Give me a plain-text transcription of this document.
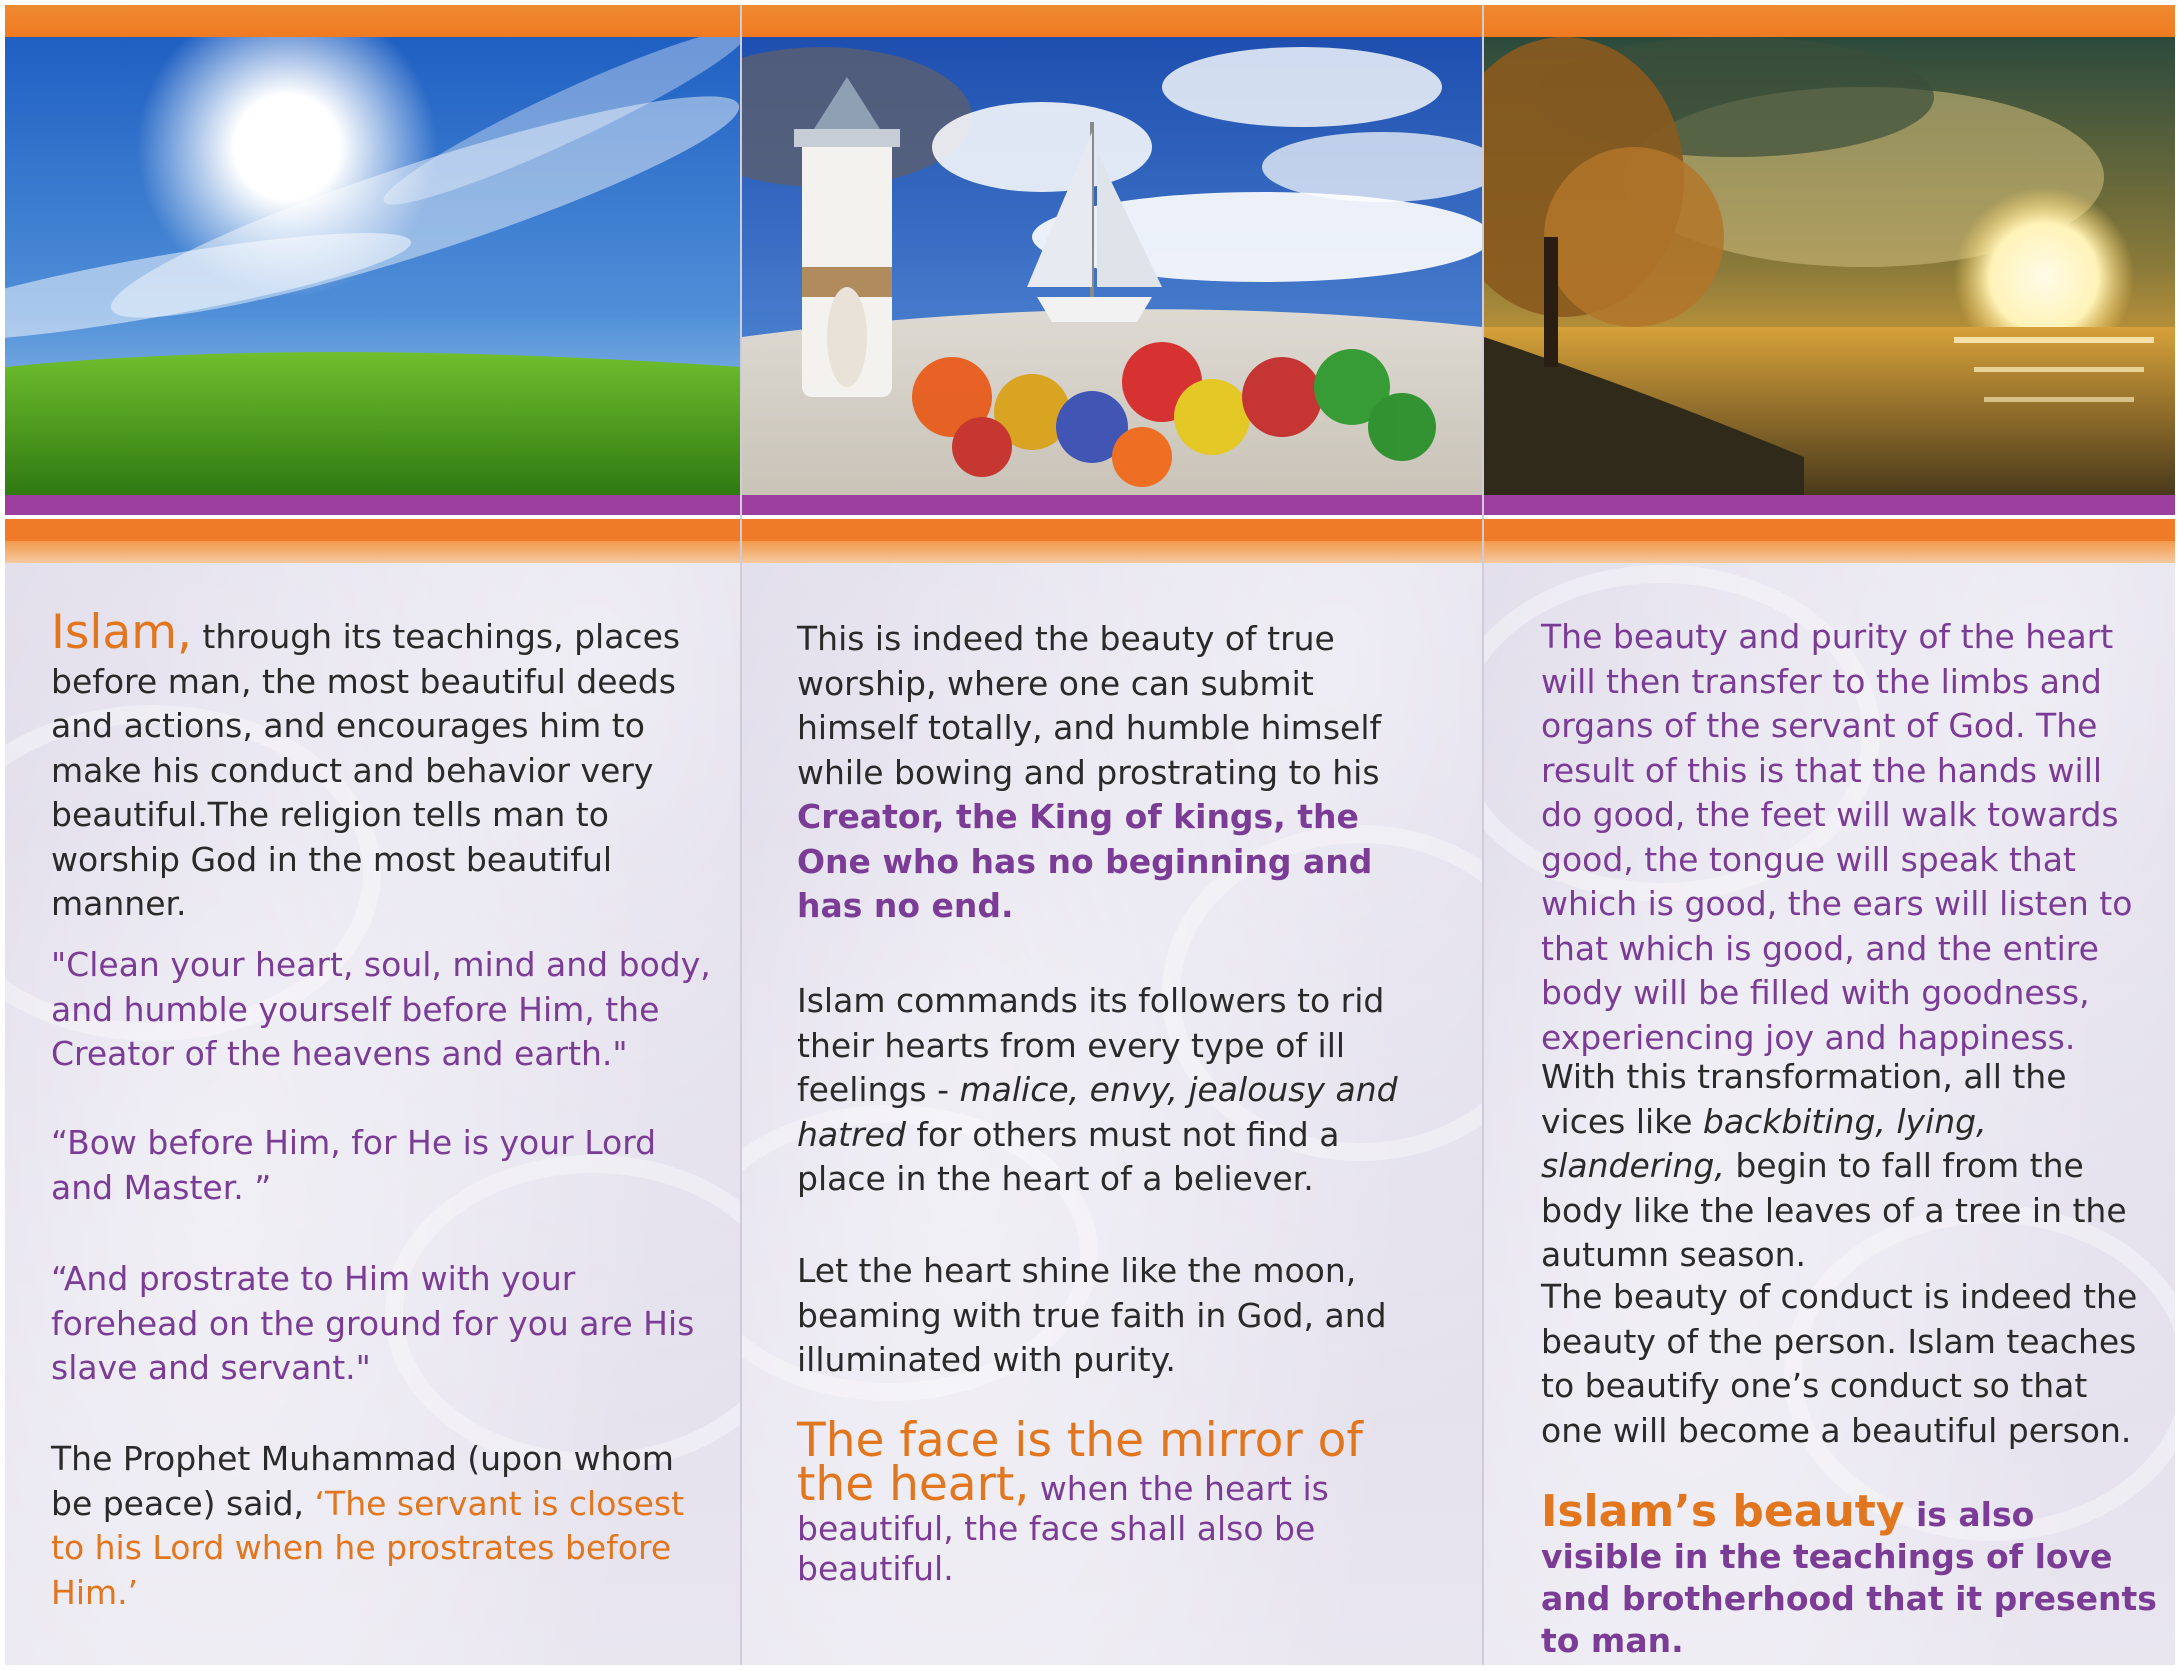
Islam, through its teachings, places before man, the most beautiful deeds and actions, and encourages him to make his conduct and behavior very beautiful.The religion tells man to worship God in the most beautiful manner.

"Clean your heart, soul, mind and body, and humble yourself before Him, the Creator of the heavens and earth."
“Bow before Him, for He is your Lord and Master. ”
“And prostrate to Him with your forehead on the ground for you are His slave and servant."

The Prophet Muhammad (upon whom be peace) said, ‘The servant is closest to his Lord when he prostrates before Him.’

This is indeed the beauty of true worship, where one can submit himself totally, and humble himself while bowing and prostrating to his Creator, the King of kings, the One who has no beginning and has no end.

Islam commands its followers to rid their hearts from every type of ill feelings - malice, envy, jealousy and hatred for others must not find a place in the heart of a believer.

Let the heart shine like the moon, beaming with true faith in God, and illuminated with purity.

The face is the mirror of the heart, when the heart is beautiful, the face shall also be beautiful.

The beauty and purity of the heart will then transfer to the limbs and organs of the servant of God. The result of this is that the hands will do good, the feet will walk towards good, the tongue will speak that which is good, the ears will listen to that which is good, and the entire body will be filled with goodness, experiencing joy and happiness.

With this transformation, all the vices like backbiting, lying, slandering, begin to fall from the body like the leaves of a tree in the autumn season.

The beauty of conduct is indeed the beauty of the person. Islam teaches to beautify one’s conduct so that one will become a beautiful person.

Islam’s beauty is also visible in the teachings of love and brotherhood that it presents to man.
